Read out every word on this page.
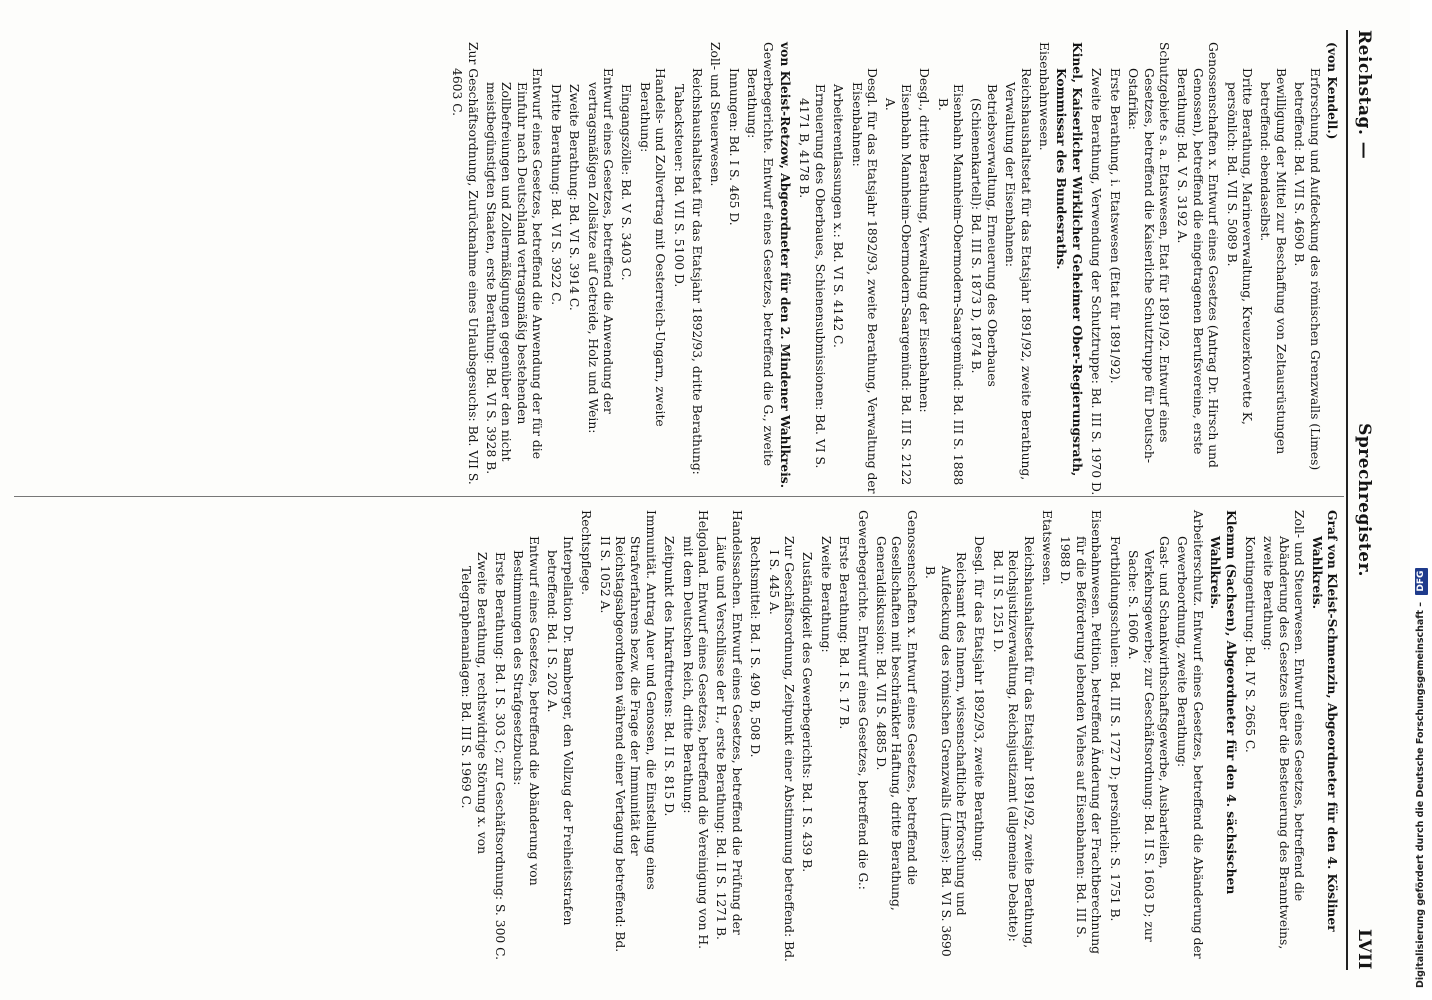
Reichstag. —
Sprechregister.
LVII
(von Kendell.)
Erforschung und Aufdeckung des römischen Grenzwalls (Limes) betreffend: Bd. VII S. 4690 B.
Bewilligung der Mittel zur Beschaffung von Zeltausrüstungen betreffend: ebendaselbst.
Dritte Berathung, Marineverwaltung, Kreuzerkorvette K, persönlich: Bd. VII S. 5089 B.
Genossenschaften x. Entwurf eines Gesetzes (Antrag Dr. Hirsch und Genossen), betreffend die eingetragenen Berufsvereine, erste Berathung: Bd. V S. 3192 A.
Schutzgebiete s. a. Etatswesen, Etat für 1891/92. Entwurf eines Gesetzes, betreffend die Kaiserliche Schutztruppe für Deutsch-Ostafrika:
Erste Berathung, i. Etatswesen (Etat für 1891/92).
Zweite Berathung, Verwendung der Schutztruppe: Bd. III S. 1970 D.
Kinel, Kaiserlicher Wirklicher Geheimer Ober-Regierungsrath, Kommissar des Bundesraths.
Eisenbahnwesen.
Reichshaushaltsetat für das Etatsjahr 1891/92, zweite Berathung, Verwaltung der Eisenbahnen:
Betriebsverwaltung, Erneuerung des Oberbaues (Schienenkartell): Bd. III S. 1873 D, 1874 B.
Eisenbahn Mannheim-Obermodern-Saargemünd: Bd. III S. 1888 B.
Desgl., dritte Berathung, Verwaltung der Eisenbahnen:
Eisenbahn Mannheim-Obermodern-Saargemünd: Bd. III S. 2122 A.
Desgl. für das Etatsjahr 1892/93, zweite Berathung, Verwaltung der Eisenbahnen:
Arbeiterentlassungen x.: Bd. VI S. 4142 C.
Erneuerung des Oberbaues, Schienensubmissionen: Bd. VI S. 4171 B, 4178 B.
von Kleist-Retzow, Abgeordneter für den 2. Mindener Wahlkreis.
Gewerbegerichte. Entwurf eines Gesetzes, betreffend die G., zweite Berathung:
Innungen: Bd. I S. 465 D.
Zoll- und Steuerwesen.
Reichshaushaltsetat für das Etatsjahr 1892/93, dritte Berathung:
Tabacksteuer: Bd. VII S. 5100 D.
Handels- und Zollvertrag mit Oesterreich-Ungarn, zweite Berathung:
Eingangszölle: Bd. V S. 3403 C.
Entwurf eines Gesetzes, betreffend die Anwendung der vertragsmäßigen Zollsätze auf Getreide, Holz und Wein:
Zweite Berathung: Bd. VI S. 3914 C.
Dritte Berathung: Bd. VI S. 3922 C.
Entwurf eines Gesetzes, betreffend die Anwendung der für die Einfuhr nach Deutschland vertragsmäßig bestehenden Zollbefreiungen und Zollermäßigungen gegenüber den nicht meistbegünstigten Staaten, erste Berathung: Bd. VI S. 3928 B.
Zur Geschäftsordnung, Zurücknahme eines Urlaubsgesuchs: Bd. VII S. 4603 C.
Graf von Kleist-Schmenzin, Abgeordneter für den 4. Kösliner Wahlkreis.
Zoll- und Steuerwesen. Entwurf eines Gesetzes, betreffend die Abänderung des Gesetzes über die Besteuerung des Branntweins, zweite Berathung:
Kontingentirung: Bd. IV S. 2665 C.
Klemm (Sachsen), Abgeordneter für den 4. sächsischen Wahlkreis.
Arbeiterschutz. Entwurf eines Gesetzes, betreffend die Abänderung der Gewerbeordnung, zweite Berathung:
Gast- und Schankwirthschaftsgewerbe, Ausbarteilen, Verkehrsgewerbe; zur Geschäftsordnung: Bd. II S. 1603 D; zur Sache: S. 1606 A.
Fortbildungsschulen: Bd. III S. 1727 D; persönlich: S. 1751 B.
Eisenbahnwesen. Petition, betreffend Änderung der Frachtberechnung für die Beförderung lebenden Viehes auf Eisenbahnen: Bd. III S. 1988 D.
Etatswesen.
Reichshaushaltsetat für das Etatsjahr 1891/92, zweite Berathung, Reichsjustizverwaltung, Reichsjustizamt (allgemeine Debatte): Bd. II S. 1251 D.
Desgl. für das Etatsjahr 1892/93, zweite Berathung:
Reichsamt des Innern, wissenschaftliche Erforschung und Aufdeckung des römischen Grenzwalls (Limes): Bd. VI S. 3690 B.
Genossenschaften x. Entwurf eines Gesetzes, betreffend die Gesellschaften mit beschränkter Haftung, dritte Berathung, Generaldiskussion: Bd. VII S. 4885 D.
Gewerbegerichte. Entwurf eines Gesetzes, betreffend die G.:
Erste Berathung: Bd. I S. 17 B.
Zweite Berathung:
Zuständigkeit des Gewerbegerichts: Bd. I S. 439 B.
Zur Geschäftsordnung, Zeitpunkt einer Abstimmung betreffend: Bd. I S. 445 A.
Rechtsmittel: Bd. I S. 490 B, 508 D.
Handelssachen. Entwurf eines Gesetzes, betreffend die Prüfung der Läufe und Verschlüsse der H., erste Berathung: Bd. II S. 1271 B.
Helgoland. Entwurf eines Gesetzes, betreffend die Vereinigung von H. mit dem Deutschen Reich, dritte Berathung:
Zeitpunkt des Inkrafttretens: Bd. II S. 815 D.
Immunität. Antrag Auer und Genossen, die Einstellung eines Strafverfahrens bezw. die Frage der Immunität der Reichstagsabgeordneten während einer Vertagung betreffend: Bd. II S. 1052 A.
Rechtspflege.
Interpellation Dr. Bamberger, den Vollzug der Freiheitsstrafen betreffend: Bd. I S. 202 A.
Entwurf eines Gesetzes, betreffend die Abänderung von Bestimmungen des Strafgesetzbuchs:
Erste Berathung: Bd. I S. 303 C; zur Geschäftsordnung: S. 300 C.
Zweite Berathung, rechtswidrige Störung x. von Telegraphenanlagen: Bd. III S. 1969 C.	Digitalisierung gefördert durch die Deutsche Forschungsgemeinschaft – DFG
